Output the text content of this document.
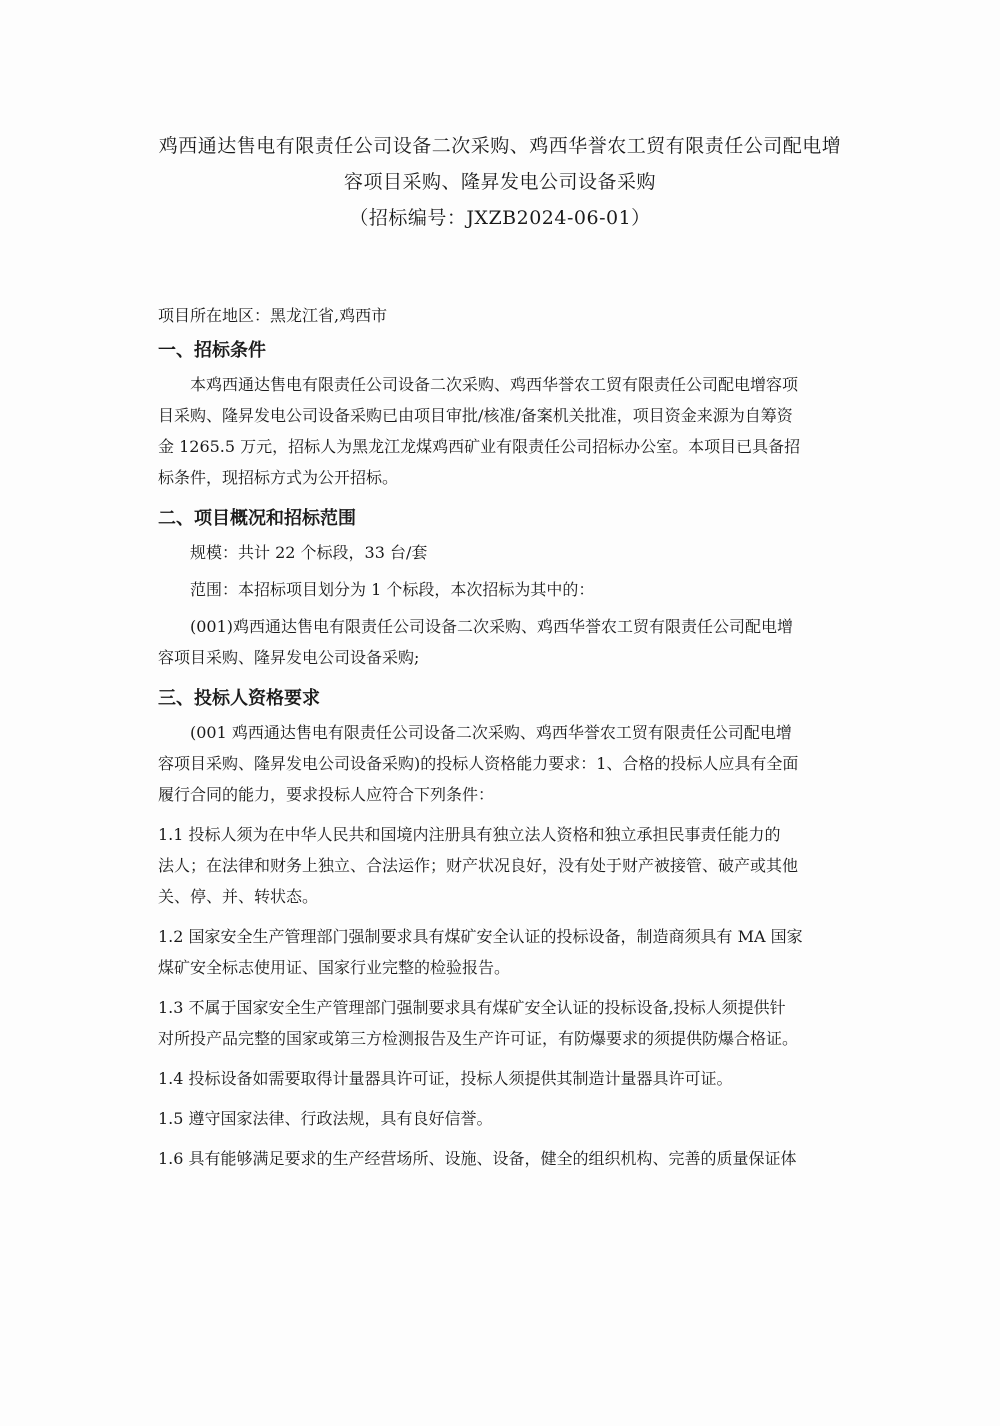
鸡西通达售电有限责任公司设备二次采购、鸡西华誉农工贸有限责任公司配电增
容项目采购、隆昇发电公司设备采购
（招标编号：JXZB2024-06-01）
项目所在地区：黑龙江省,鸡西市
一、招标条件
本鸡西通达售电有限责任公司设备二次采购、鸡西华誉农工贸有限责任公司配电增容项
目采购、隆昇发电公司设备采购已由项目审批/核准/备案机关批准，项目资金来源为自筹资
金 1265.5 万元，招标人为黑龙江龙煤鸡西矿业有限责任公司招标办公室。本项目已具备招
标条件，现招标方式为公开招标。
二、项目概况和招标范围
规模：共计 22 个标段，33 台/套
范围：本招标项目划分为 1 个标段，本次招标为其中的：
(001)鸡西通达售电有限责任公司设备二次采购、鸡西华誉农工贸有限责任公司配电增
容项目采购、隆昇发电公司设备采购;
三、投标人资格要求
(001 鸡西通达售电有限责任公司设备二次采购、鸡西华誉农工贸有限责任公司配电增
容项目采购、隆昇发电公司设备采购)的投标人资格能力要求：1、合格的投标人应具有全面
履行合同的能力，要求投标人应符合下列条件：
1.1 投标人须为在中华人民共和国境内注册具有独立法人资格和独立承担民事责任能力的
法人；在法律和财务上独立、合法运作；财产状况良好，没有处于财产被接管、破产或其他
关、停、并、转状态。
1.2 国家安全生产管理部门强制要求具有煤矿安全认证的投标设备，制造商须具有 MA 国家
煤矿安全标志使用证、国家行业完整的检验报告。
1.3 不属于国家安全生产管理部门强制要求具有煤矿安全认证的投标设备,投标人须提供针
对所投产品完整的国家或第三方检测报告及生产许可证，有防爆要求的须提供防爆合格证。
1.4 投标设备如需要取得计量器具许可证，投标人须提供其制造计量器具许可证。
1.5 遵守国家法律、行政法规，具有良好信誉。
1.6 具有能够满足要求的生产经营场所、设施、设备，健全的组织机构、完善的质量保证体
